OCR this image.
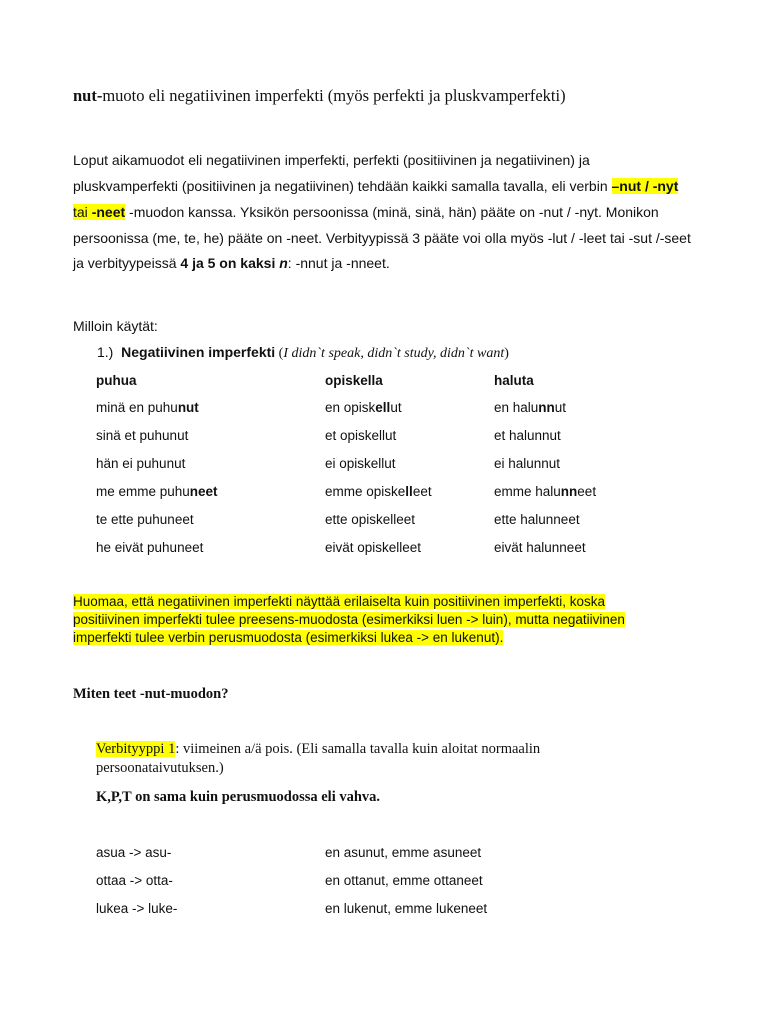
nut-muoto eli negatiivinen imperfekti (myös perfekti ja pluskvamperfekti)
Loput aikamuodot eli negatiivinen imperfekti, perfekti (positiivinen ja negatiivinen) ja
pluskvamperfekti (positiivinen ja negatiivinen) tehdään kaikki samalla tavalla, eli verbin –nut / -nyt
tai -neet -muodon kanssa. Yksikön persoonissa (minä, sinä, hän) pääte on -nut / -nyt. Monikon
persoonissa (me, te, he) pääte on -neet. Verbityypissä 3 pääte voi olla myös -lut / -leet tai -sut /-seet
ja verbityypeissä 4 ja 5 on kaksi n: -nnut ja -nneet.
Milloin käytät:
1.) Negatiivinen imperfekti (I didn`t speak, didn`t study, didn`t want)
puhua	opiskella	haluta
minä en puhunut	en opiskellut	en halunnut
sinä et puhunut	et opiskellut	et halunnut
hän ei puhunut	ei opiskellut	ei halunnut
me emme puhuneet	emme opiskelleet	emme halunneet
te ette puhuneet	ette opiskelleet	ette halunneet
he eivät puhuneet	eivät opiskelleet	eivät halunneet
Huomaa, että negatiivinen imperfekti näyttää erilaiselta kuin positiivinen imperfekti, koska
positiivinen imperfekti tulee preesens-muodosta (esimerkiksi luen -> luin), mutta negatiivinen
imperfekti tulee verbin perusmuodosta (esimerkiksi lukea -> en lukenut).
Miten teet -nut-muodon?
Verbityyppi 1: viimeinen a/ä pois. (Eli samalla tavalla kuin aloitat normaalin
persoonataivutuksen.)
K,P,T on sama kuin perusmuodossa eli vahva.
asua -> asu-	en asunut, emme asuneet
ottaa -> otta-	en ottanut, emme ottaneet
lukea -> luke-	en lukenut, emme lukeneet
